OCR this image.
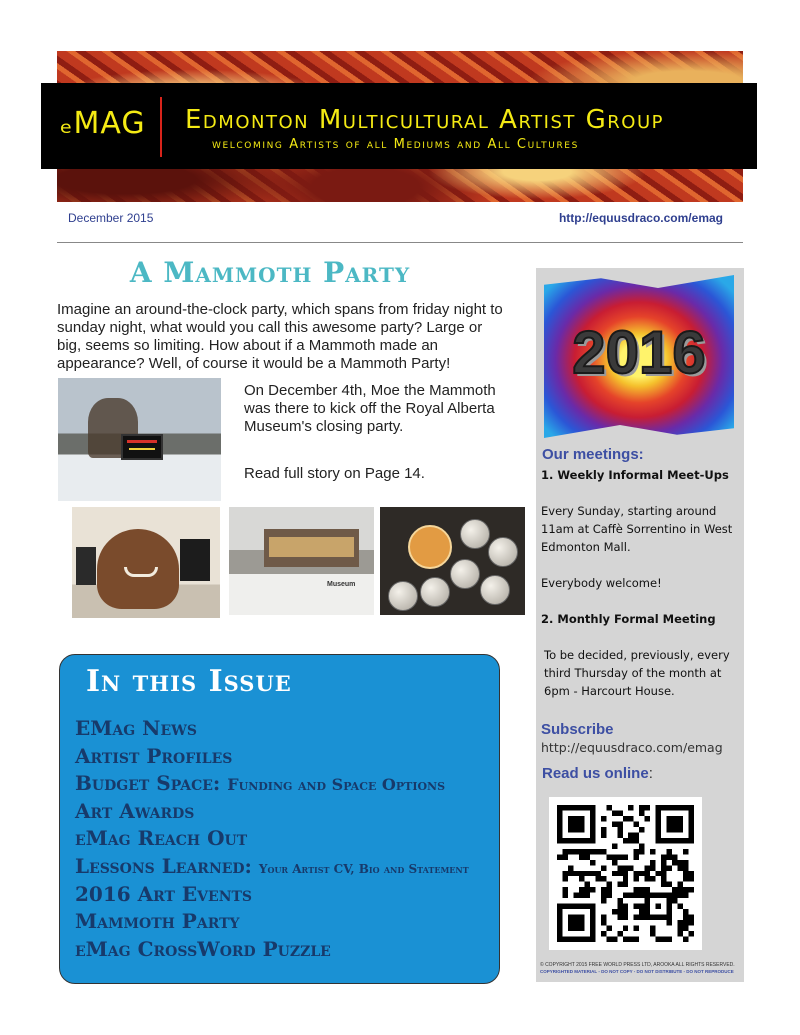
ₑMAG Edmonton Multicultural Artist Group
welcoming Artists of all Mediums and All Cultures
December 2015	http://equusdraco.com/emag
A Mammoth Party

Imagine an around-the-clock party, which spans from friday night to sunday night, what would you call this awesome party? Large or big, seems so limiting. How about if a Mammoth made an appearance? Well, of course it would be a Mammoth Party!

On December 4th, Moe the Mammoth was there to kick off the Royal Alberta Museum's closing party.

Read full story on Page 14.

Museum
In this Issue
EMag News
Artist Profiles
Budget Space: Funding and Space Options
Art Awards
eMag Reach Out
Lessons Learned: Your Artist CV, Bio and Statement
2016 Art Events
Mammoth Party
eMag CrossWord Puzzle
2016
Our meetings:
1. Weekly Informal Meet-Ups
Every Sunday, starting around 11am at Caffè Sorrentino in West Edmonton Mall.
Everybody welcome!
2. Monthly Formal Meeting
To be decided, previously, every third Thursday of the month at 6pm - Harcourt House.
Subscribe
http://equusdraco.com/emag
Read us online:
© COPYRIGHT 2015 FREE WORLD PRESS LTD, AROOKA ALL RIGHTS RESERVED.
COPYRIGHTED MATERIAL - DO NOT COPY - DO NOT DISTRIBUTE - DO NOT REPRODUCE
